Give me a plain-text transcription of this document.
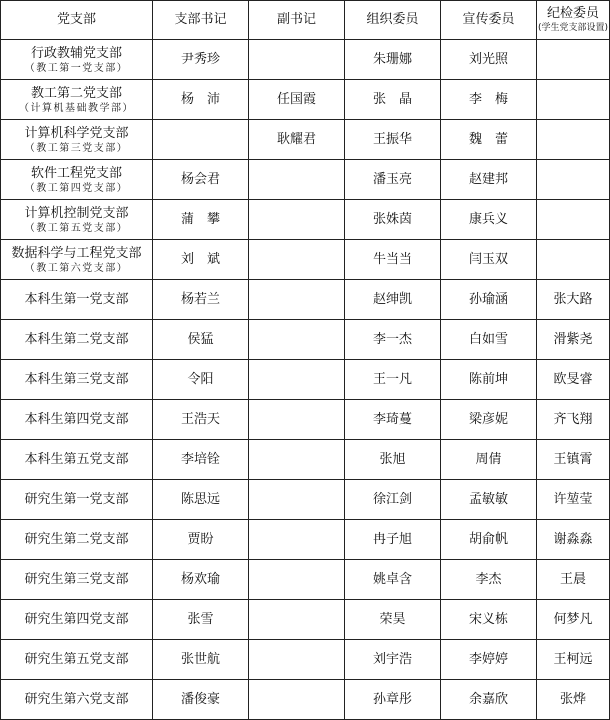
党支部	支部书记	副书记	组织委员	宣传委员	纪检委员
(学生党支部设置)

行政教辅党支部
（教工第一党支部）	尹秀珍		朱珊娜	刘光照	

教工第二党支部
（计算机基础教学部）	杨　沛	任国霞	张　晶	李　梅	

计算机科学党支部
（教工第三党支部）		耿耀君	王振华	魏　蕾	

软件工程党支部
（教工第四党支部）	杨会君		潘玉亮	赵建邦	

计算机控制党支部
（教工第五党支部）	蒲　攀		张姝茵	康兵义	

数据科学与工程党支部
（教工第六党支部）	刘　斌		牛当当	闫玉双	

本科生第一党支部	杨若兰		赵绅凯	孙瑜涵	张大路

本科生第二党支部	侯猛		李一杰	白如雪	滑紫尧

本科生第三党支部	令阳		王一凡	陈前坤	欧旻睿

本科生第四党支部	王浩天		李琦蔓	梁彦妮	齐飞翔

本科生第五党支部	李培铨		张旭	周倩	王镇霄

研究生第一党支部	陈思远		徐江剑	孟敏敏	许堃莹

研究生第二党支部	贾盼		冉子旭	胡俞帆	谢淼淼

研究生第三党支部	杨欢瑜		姚卓含	李杰	王晨

研究生第四党支部	张雪		荣昊	宋义栋	何梦凡

研究生第五党支部	张世航		刘宇浩	李婷婷	王柯远

研究生第六党支部	潘俊豪		孙章彤	余嘉欣	张烨
